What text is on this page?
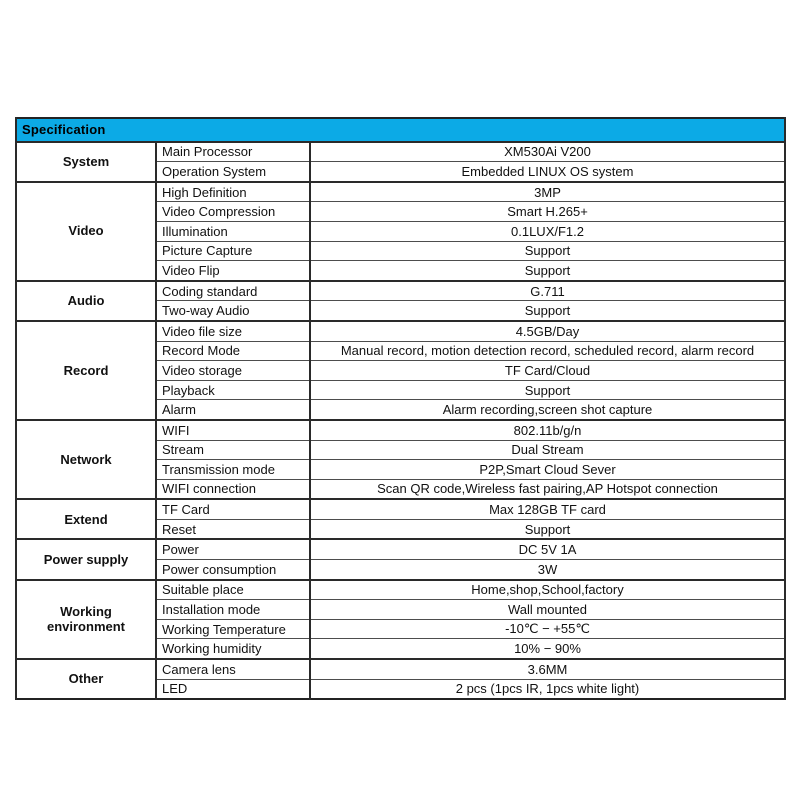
Specification		
System	Main Processor	XM530Ai V200
	Operation System	Embedded LINUX OS system
Video	High Definition	3MP
	Video Compression	Smart H.265+
	Illumination	0.1LUX/F1.2
	Picture Capture	Support
	Video Flip	Support
Audio	Coding standard	G.711
	Two-way Audio	Support
Record	Video file size	4.5GB/Day
	Record Mode	Manual record, motion detection record, scheduled record, alarm record
	Video storage	TF Card/Cloud
	Playback	Support
	Alarm	Alarm recording,screen shot capture
Network	WIFI	802.11b/g/n
	Stream	Dual Stream
	Transmission mode	P2P,Smart Cloud Sever
	WIFI connection	Scan QR code,Wireless fast pairing,AP Hotspot connection
Extend	TF Card	Max 128GB TF card
	Reset	Support
Power supply	Power	DC 5V 1A
	Power consumption	3W
Working environment	Suitable place	Home,shop,School,factory
	Installation mode	Wall mounted
	Working Temperature	-10℃ − +55℃
	Working humidity	10% − 90%
Other	Camera lens	3.6MM
	LED	2 pcs (1pcs IR, 1pcs white light)
